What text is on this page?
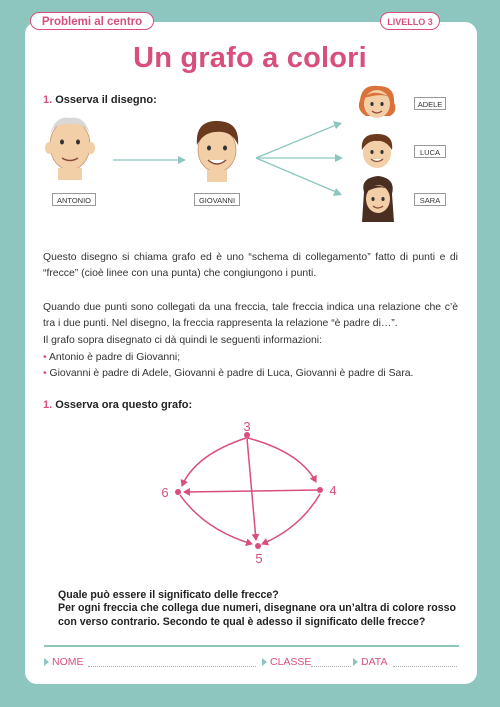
Problemi al centro	LIVELLO 3
Un grafo a colori
1. Osserva il disegno:
ANTONIO	GIOVANNI
ADELE
LUCA
SARA
Questo disegno si chiama grafo ed è uno “schema di collegamento” fatto di punti e di “frecce” (cioè linee con una punta) che congiungono i punti.
Quando due punti sono collegati da una freccia, tale freccia indica una relazione che c’è tra i due punti. Nel disegno, la freccia rappresenta la relazione “è padre di…”.
Il grafo sopra disegnato ci dà quindi le seguenti informazioni:
• Antonio è padre di Giovanni;
• Giovanni è padre di Adele, Giovanni è padre di Luca, Giovanni è padre di Sara.
1. Osserva ora questo grafo:
3
4
5
6
Quale può essere il significato delle frecce?
Per ogni freccia che collega due numeri, disegnane ora un’altra di colore rosso con verso contrario. Secondo te qual è adesso il significato delle frecce?
NOME	CLASSE	DATA
